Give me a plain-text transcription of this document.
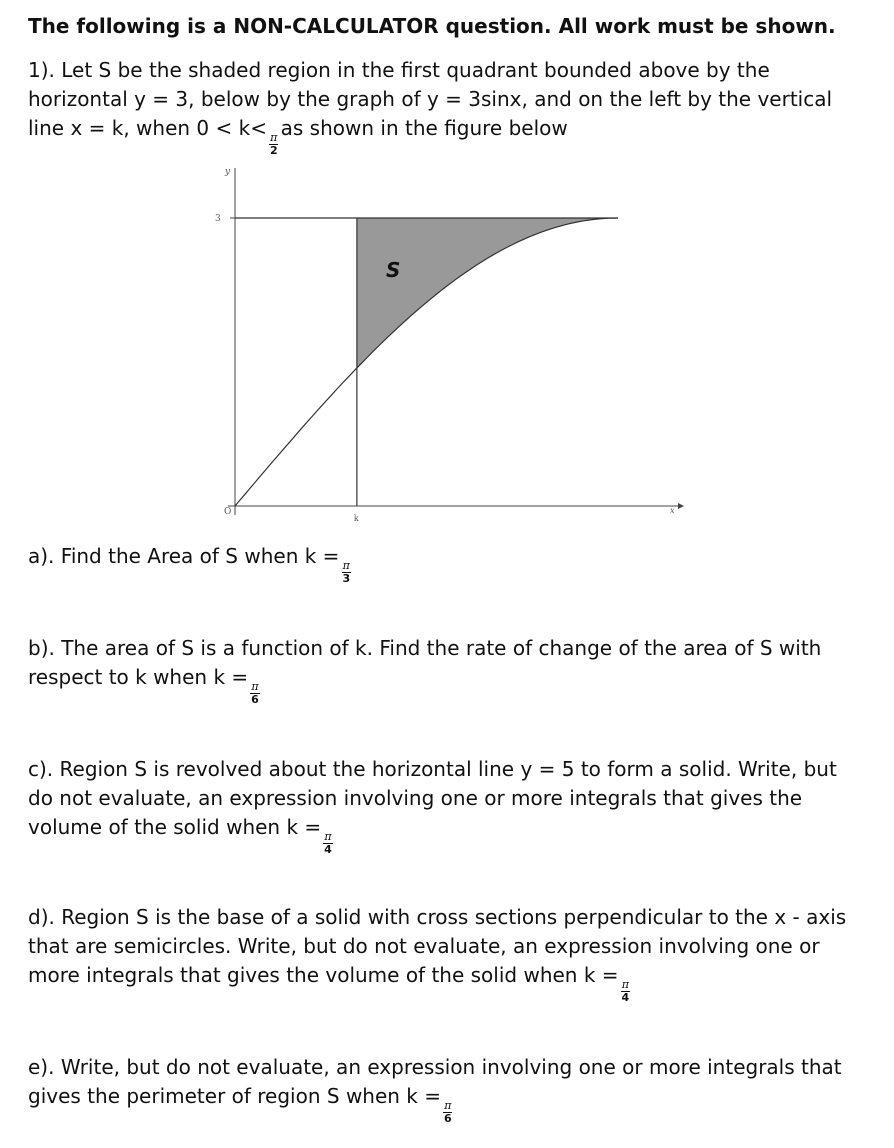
The following is a NON-CALCULATOR question. All work must be shown.
1). Let S be the shaded region in the first quadrant bounded above by the
horizontal y = 3, below by the graph of y = 3sinx, and on the left by the vertical
line x = k, when 0 < k<
$\frac{\pi}{2}$
as shown in the figure below
y
3
O
k
x
S
a). Find the Area of S when k =
$\frac{\pi}{3}$
b). The area of S is a function of k. Find the rate of change of the area of S with
respect to k when k =
$\frac{\pi}{6}$
c). Region S is revolved about the horizontal line y = 5 to form a solid. Write, but
do not evaluate, an expression involving one or more integrals that gives the
volume of the solid when k =
$\frac{\pi}{4}$
d). Region S is the base of a solid with cross sections perpendicular to the x - axis
that are semicircles. Write, but do not evaluate, an expression involving one or
more integrals that gives the volume of the solid when k =
$\frac{\pi}{4}$
e). Write, but do not evaluate, an expression involving one or more integrals that
gives the perimeter of region S when k =
$\frac{\pi}{6}$
